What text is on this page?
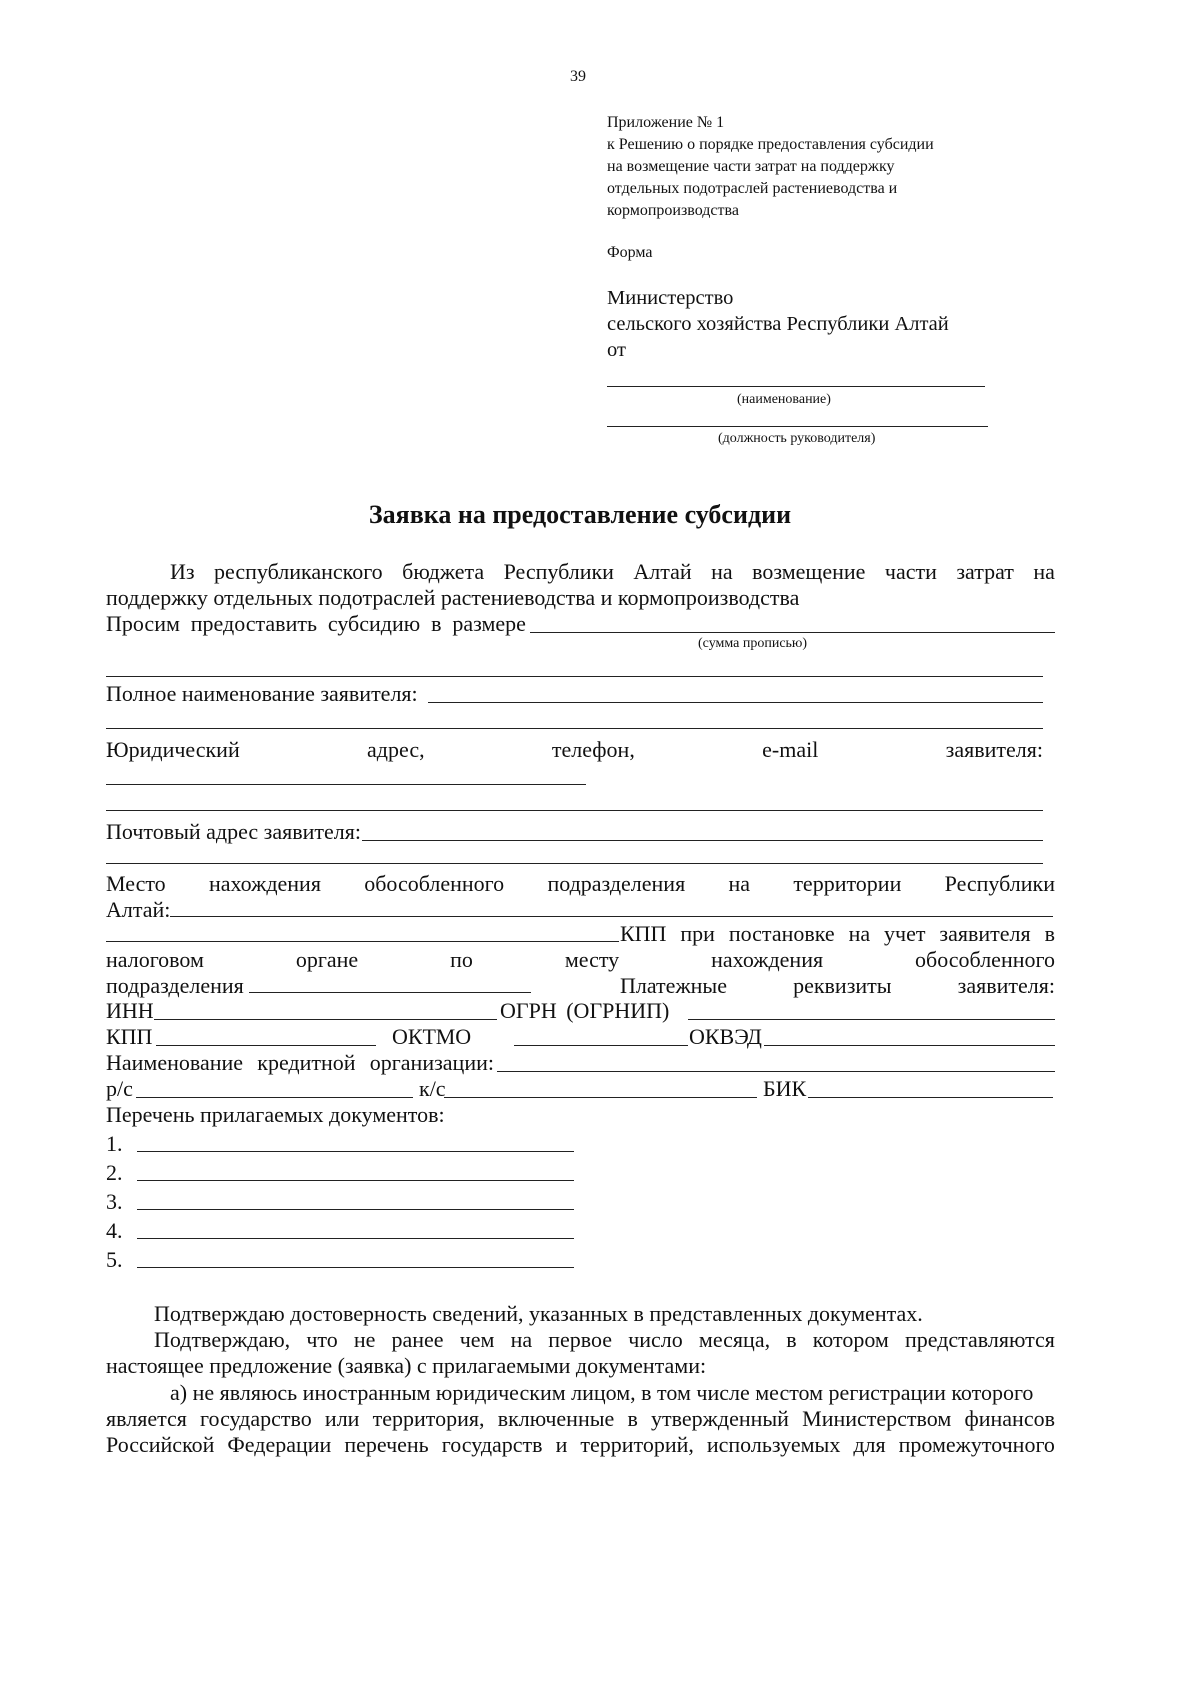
39
Приложение № 1
к Решению о порядке предоставления субсидии
на возмещение части затрат на поддержку
отдельных подотраслей растениеводства и
кормопроизводства
Форма
Министерство
сельского хозяйства Республики Алтай
от
(наименование)
(должность руководителя)
Заявка на предоставление субсидии
Из республиканского бюджета Республики Алтай на возмещение части затрат на
поддержку отдельных подотраслей растениеводства и кормопроизводства
Просим предоставить субсидию в размере
(сумма прописью)
Полное наименование заявителя:
Юридический	адрес,	телефон,	e-mail	заявителя:
Почтовый адрес заявителя:
Место нахождения обособленного подразделения на территории Республики
Алтай:
КПП при постановке на учет заявителя в
налоговом	органе	по	месту	нахождения	обособленного
подразделения	Платежные	реквизиты	заявителя:
ИНН	ОГРН (ОГРНИП)
КПП	ОКТМО	ОКВЭД
Наименование кредитной организации:
р/с	к/с	БИК
Перечень прилагаемых документов:
1.
2.
3.
4.
5.
Подтверждаю достоверность сведений, указанных в представленных документах.
Подтверждаю, что не ранее чем на первое число месяца, в котором представляются
настоящее предложение (заявка) с прилагаемыми документами:
а) не являюсь иностранным юридическим лицом, в том числе местом регистрации которого
является государство или территория, включенные в утвержденный Министерством финансов
Российской Федерации перечень государств и территорий, используемых для промежуточного
